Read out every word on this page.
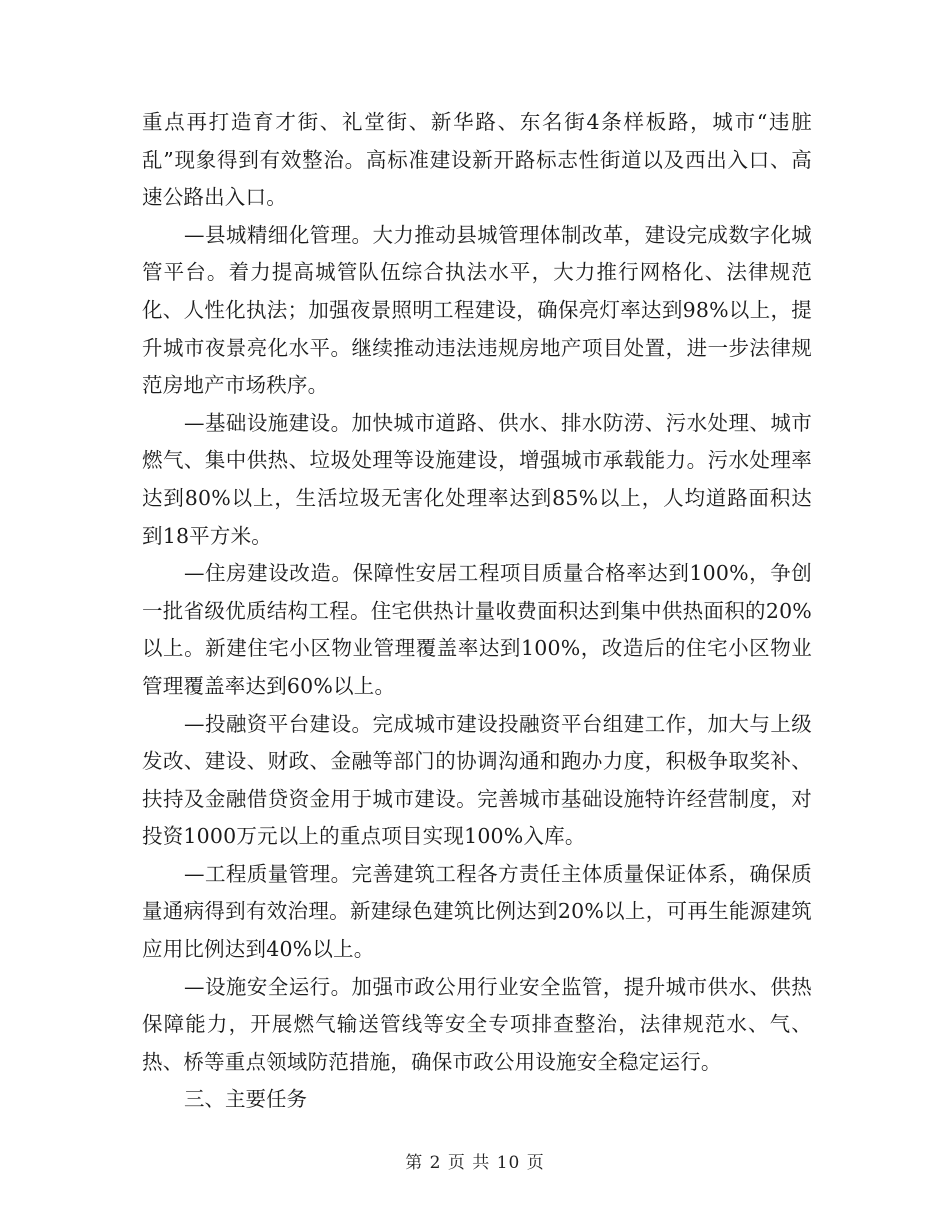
重点再打造育才街、礼堂街、新华路、东名街4条样板路，城市“违脏乱”现象得到有效整治。高标准建设新开路标志性街道以及西出入口、高速公路出入口。

—县城精细化管理。大力推动县城管理体制改革，建设完成数字化城管平台。着力提高城管队伍综合执法水平，大力推行网格化、法律规范化、人性化执法；加强夜景照明工程建设，确保亮灯率达到98%以上，提升城市夜景亮化水平。继续推动违法违规房地产项目处置，进一步法律规范房地产市场秩序。

—基础设施建设。加快城市道路、供水、排水防涝、污水处理、城市燃气、集中供热、垃圾处理等设施建设，增强城市承载能力。污水处理率达到80%以上，生活垃圾无害化处理率达到85%以上，人均道路面积达到18平方米。

—住房建设改造。保障性安居工程项目质量合格率达到100%，争创一批省级优质结构工程。住宅供热计量收费面积达到集中供热面积的20%以上。新建住宅小区物业管理覆盖率达到100%，改造后的住宅小区物业管理覆盖率达到60%以上。

—投融资平台建设。完成城市建设投融资平台组建工作，加大与上级发改、建设、财政、金融等部门的协调沟通和跑办力度，积极争取奖补、扶持及金融借贷资金用于城市建设。完善城市基础设施特许经营制度，对投资1000万元以上的重点项目实现100%入库。

—工程质量管理。完善建筑工程各方责任主体质量保证体系，确保质量通病得到有效治理。新建绿色建筑比例达到20%以上，可再生能源建筑应用比例达到40%以上。

—设施安全运行。加强市政公用行业安全监管，提升城市供水、供热保障能力，开展燃气输送管线等安全专项排查整治，法律规范水、气、热、桥等重点领域防范措施，确保市政公用设施安全稳定运行。

三、主要任务

第 2 页 共 10 页
